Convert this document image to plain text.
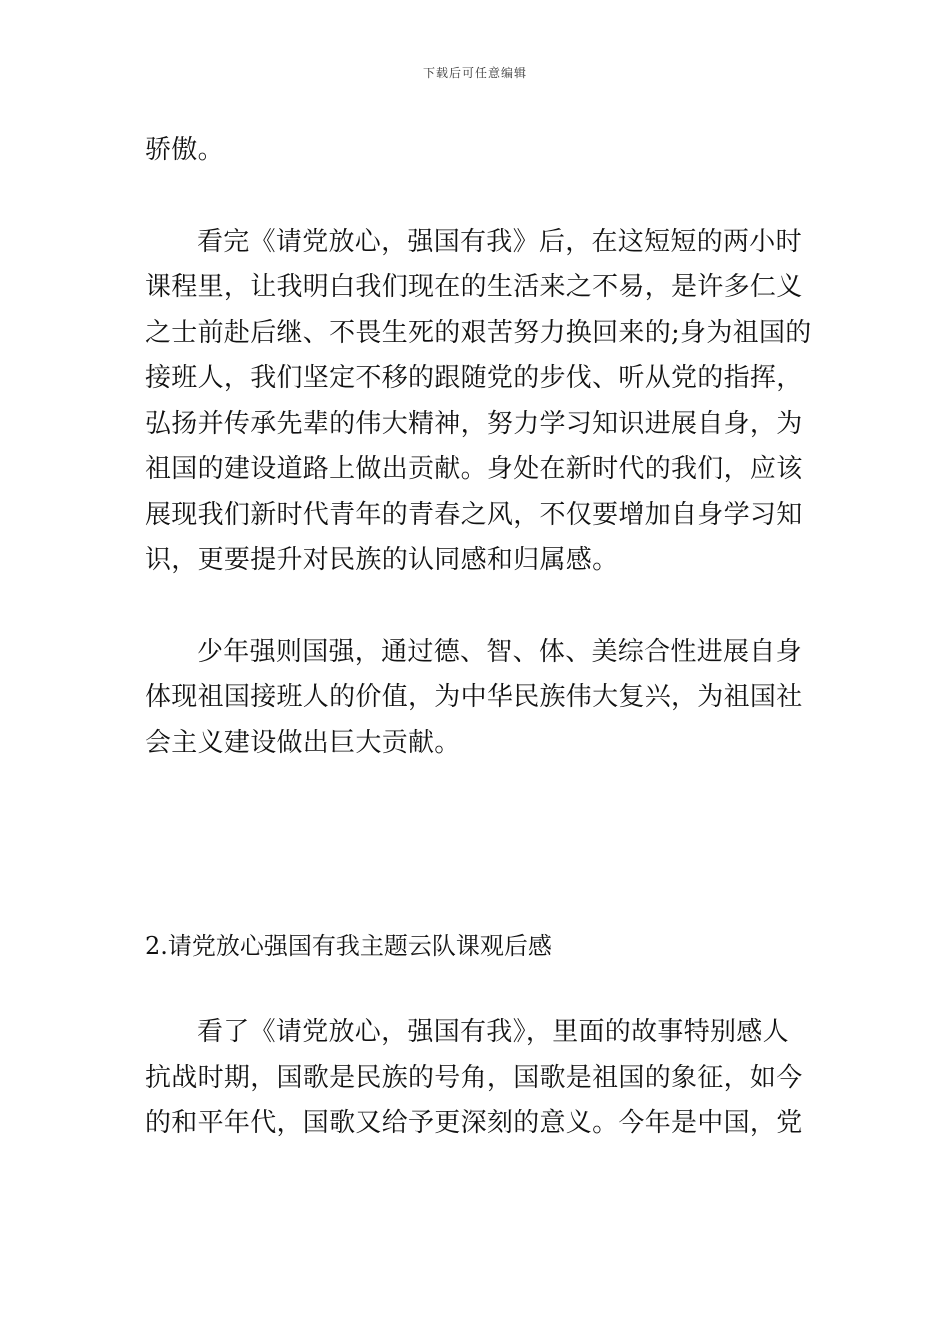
下载后可任意编辑
骄傲。
看完《请党放心，强国有我》后，在这短短的两小时
课程里，让我明白我们现在的生活来之不易，是许多仁义
之士前赴后继、不畏生死的艰苦努力换回来的;身为祖国的
接班人，我们坚定不移的跟随党的步伐、听从党的指挥，
弘扬并传承先辈的伟大精神，努力学习知识进展自身，为
祖国的建设道路上做出贡献。身处在新时代的我们，应该
展现我们新时代青年的青春之风，不仅要增加自身学习知
识，更要提升对民族的认同感和归属感。
少年强则国强，通过德、智、体、美综合性进展自身
体现祖国接班人的价值，为中华民族伟大复兴，为祖国社
会主义建设做出巨大贡献。
2.请党放心强国有我主题云队课观后感
看了《请党放心，强国有我》，里面的故事特别感人
抗战时期，国歌是民族的号角，国歌是祖国的象征，如今
的和平年代，国歌又给予更深刻的意义。今年是中国，党
